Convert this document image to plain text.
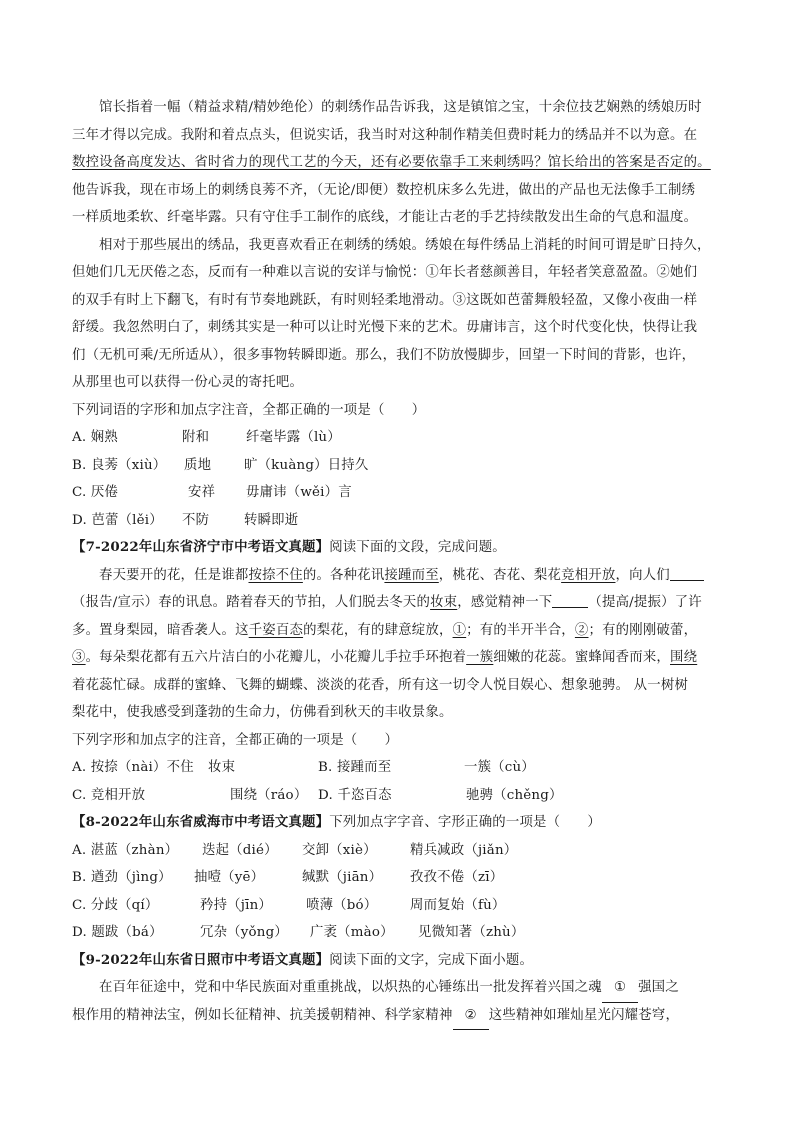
馆长指着一幅（精益求精/精妙绝伦）的刺绣作品告诉我，这是镇馆之宝，十余位技艺娴熟的绣娘历时
三年才得以完成。我附和着点点头，但说实话，我当时对这种制作精美但费时耗力的绣品并不以为意。在
数控设备高度发达、省时省力的现代工艺的今天，还有必要依靠手工来刺绣吗？馆长给出的答案是否定的。
他告诉我，现在市场上的刺绣良莠不齐，（无论/即便）数控机床多么先进，做出的产品也无法像手工制绣
一样质地柔软、纤毫毕露。只有守住手工制作的底线，才能让古老的手艺持续散发出生命的气息和温度。
相对于那些展出的绣品，我更喜欢看正在刺绣的绣娘。绣娘在每件绣品上消耗的时间可谓是旷日持久，
但她们几无厌倦之态，反而有一种难以言说的安详与愉悦：①年长者慈颜善目，年轻者笑意盈盈。②她们
的双手有时上下翻飞，有时有节奏地跳跃，有时则轻柔地滑动。③这既如芭蕾舞般轻盈，又像小夜曲一样
舒缓。我忽然明白了，刺绣其实是一种可以让时光慢下来的艺术。毋庸讳言，这个时代变化快，快得让我
们（无机可乘/无所适从），很多事物转瞬即逝。那么，我们不防放慢脚步，回望一下时间的背影，也许，
从那里也可以获得一份心灵的寄托吧。
下列词语的字形和加点字注音，全都正确的一项是（　　）
A. 娴熟	附和	纤毫毕露（lù）
B. 良莠（xiù） 质地 旷（kuàng）日持久
C. 厌倦	安祥 毋庸讳（wěi）言
D. 芭蕾（lěi） 不防	转瞬即逝
【7-2022年山东省济宁市中考语文真题】阅读下面的文段，完成问题。
春天要开的花，任是谁都按捺不住的。各种花讯接踵而至，桃花、杏花、梨花竞相开放，向人们
（报告/宣示）春的讯息。踏着春天的节拍，人们脱去冬天的妆束，感觉精神一下	（提高/提振）了许
多。置身梨园，暗香袭人。这千姿百态的梨花，有的肆意绽放，①；有的半开半合，②；有的刚刚破蕾，
③。每朵梨花都有五六片洁白的小花瓣儿，小花瓣儿手拉手环抱着一簇细嫩的花蕊。蜜蜂闻香而来，围绕
着花蕊忙碌。成群的蜜蜂、飞舞的蝴蝶、淡淡的花香，所有这一切令人悦目娱心、想象驰骋。 从一树树
梨花中，使我感受到蓬勃的生命力，仿佛看到秋天的丰收景象。
下列字形和加点字的注音，全都正确的一项是（　　）
A. 按捺（nài）不住 妆束	B. 接踵而至	一簇（cù）
C. 竞相开放	围绕（ráo） D. 千恣百态	驰骋（chěng）
【8-2022年山东省威海市中考语文真题】下列加点字字音、字形正确的一项是（　　）
A. 湛蓝（zhàn） 迭起（dié） 交卸（xiè） 精兵减政（jiǎn）
B. 遒劲（jìng） 抽噎（yē）	缄默（jiān） 孜孜不倦（zī）
C. 分歧（qí）	矜持（jīn）	喷薄（bó） 周而复始（fù）
D. 题跋（bá）	冗杂（yǒng） 广袤（mào） 见微知著（zhù）
【9-2022年山东省日照市中考语文真题】阅读下面的文字，完成下面小题。
在百年征途中，党和中华民族面对重重挑战，以炽热的心锤练出一批发挥着兴国之魂 ① 强国之
根作用的精神法宝，例如长征精神、抗美援朝精神、科学家精神 ② 这些精神如璀灿星光闪耀苍穹，
